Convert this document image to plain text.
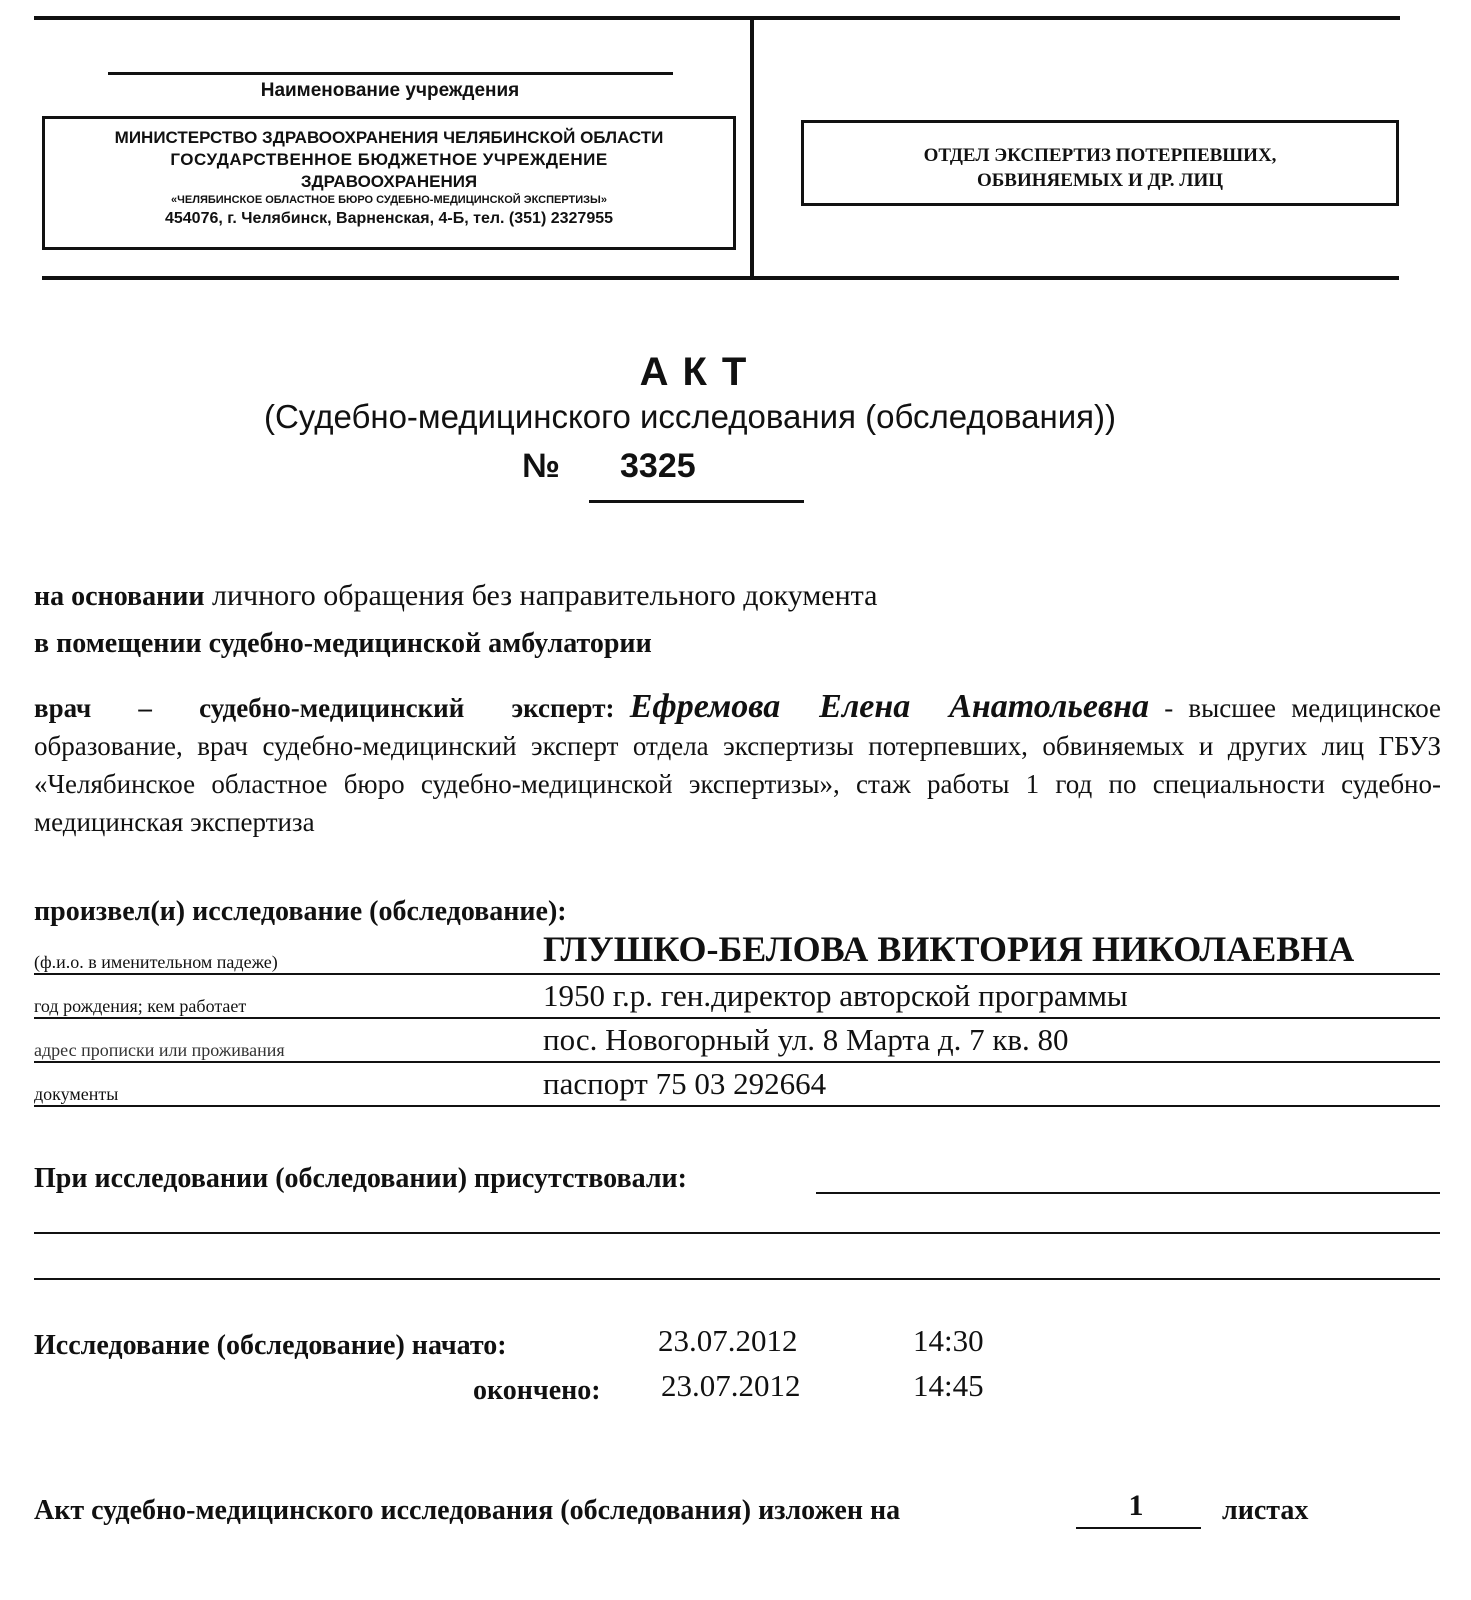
Наименование учреждения
МИНИСТЕРСТВО ЗДРАВООХРАНЕНИЯ ЧЕЛЯБИНСКОЙ ОБЛАСТИ
ГОСУДАРСТВЕННОЕ БЮДЖЕТНОЕ УЧРЕЖДЕНИЕ
ЗДРАВООХРАНЕНИЯ
«ЧЕЛЯБИНСКОЕ ОБЛАСТНОЕ БЮРО СУДЕБНО-МЕДИЦИНСКОЙ ЭКСПЕРТИЗЫ»
454076, г. Челябинск, Варненская, 4-Б, тел. (351) 2327955
ОТДЕЛ ЭКСПЕРТИЗ ПОТЕРПЕВШИХ,
ОБВИНЯЕМЫХ И ДР. ЛИЦ
АКТ
(Судебно-медицинского исследования (обследования))
№ 3325
на основании личного обращения без направительного документа
в помещении судебно-медицинской амбулатории
врач – судебно-медицинский эксперт: Ефремова Елена Анатольевна - высшее медицинское образование, врач судебно-медицинский эксперт отдела экспертизы потерпевших, обвиняемых и других лиц ГБУЗ «Челябинское областное бюро судебно-медицинской экспертизы», стаж работы 1 год по специальности судебно-медицинская экспертиза
произвел(и) исследование (обследование):
(ф.и.о. в именительном падеже)	ГЛУШКО-БЕЛОВА ВИКТОРИЯ НИКОЛАЕВНА
год рождения; кем работает	1950 г.р. ген.директор авторской программы
адрес прописки или проживания	пос. Новогорный ул. 8 Марта д. 7 кв. 80
документы	паспорт 75 03 292664
При исследовании (обследовании) присутствовали:
Исследование (обследование) начато:	23.07.2012	14:30
окончено: 23.07.2012	14:45
Акт судебно-медицинского исследования (обследования) изложен на	1	листах
